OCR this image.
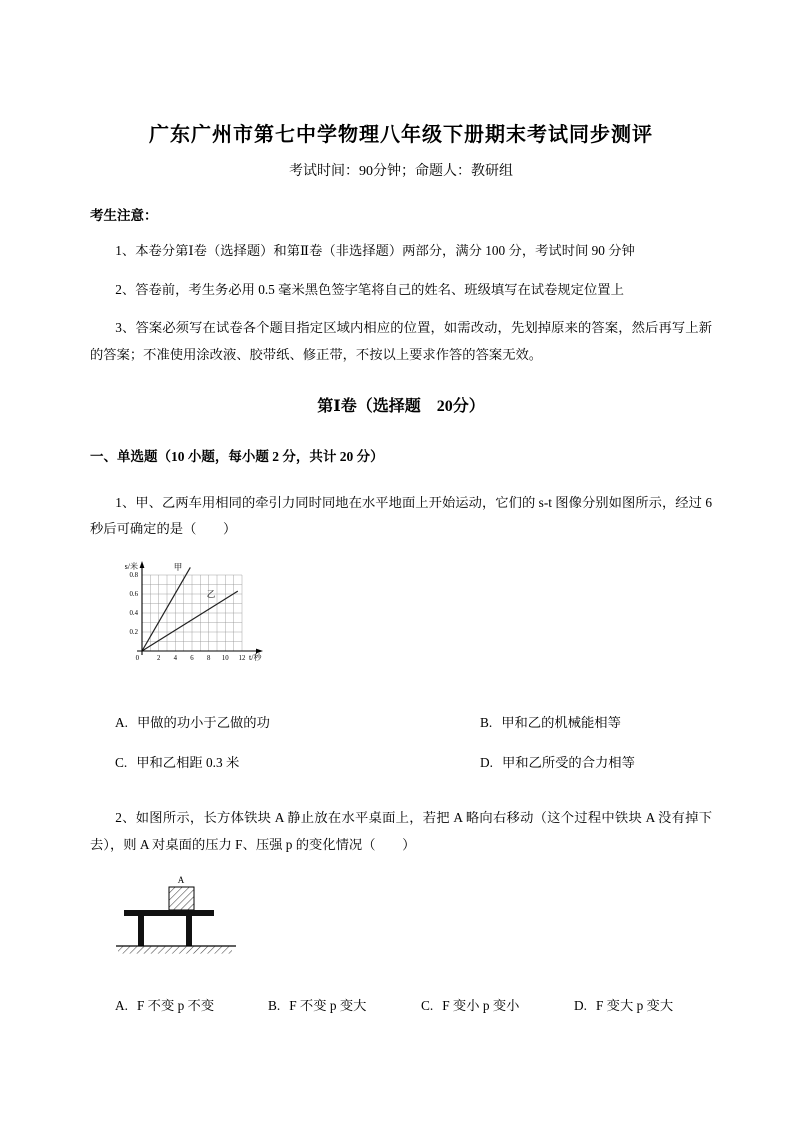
广东广州市第七中学物理八年级下册期末考试同步测评
考试时间：90分钟；命题人：教研组

考生注意：

1、本卷分第Ⅰ卷（选择题）和第Ⅱ卷（非选择题）两部分，满分 100 分，考试时间 90 分钟

2、答卷前，考生务必用 0.5 毫米黑色签字笔将自己的姓名、班级填写在试卷规定位置上

3、答案必须写在试卷各个题目指定区域内相应的位置，如需改动，先划掉原来的答案，然后再写上新的答案；不准使用涂改液、胶带纸、修正带，不按以上要求作答的答案无效。

第Ⅰ卷（选择题　20分）
一、单选题（10 小题，每小题 2 分，共计 20 分）

1、甲、乙两车用相同的牵引力同时同地在水平地面上开始运动，它们的 s-t 图像分别如图所示，经过 6 秒后可确定的是（　　）

s/米
t/秒
0
0.2
0.4
0.6
0.8
2 4 6 8 10 12
甲
乙
A. 甲做的功小于乙做的功	B. 甲和乙的机械能相等
C. 甲和乙相距 0.3 米	D. 甲和乙所受的合力相等

2、如图所示，长方体铁块 A 静止放在水平桌面上，若把 A 略向右移动（这个过程中铁块 A 没有掉下去），则 A 对桌面的压力 F、压强 p 的变化情况（　　）

A
A. F 不变 p 不变	B. F 不变 p 变大	C. F 变小 p 变小	D. F 变大 p 变大
